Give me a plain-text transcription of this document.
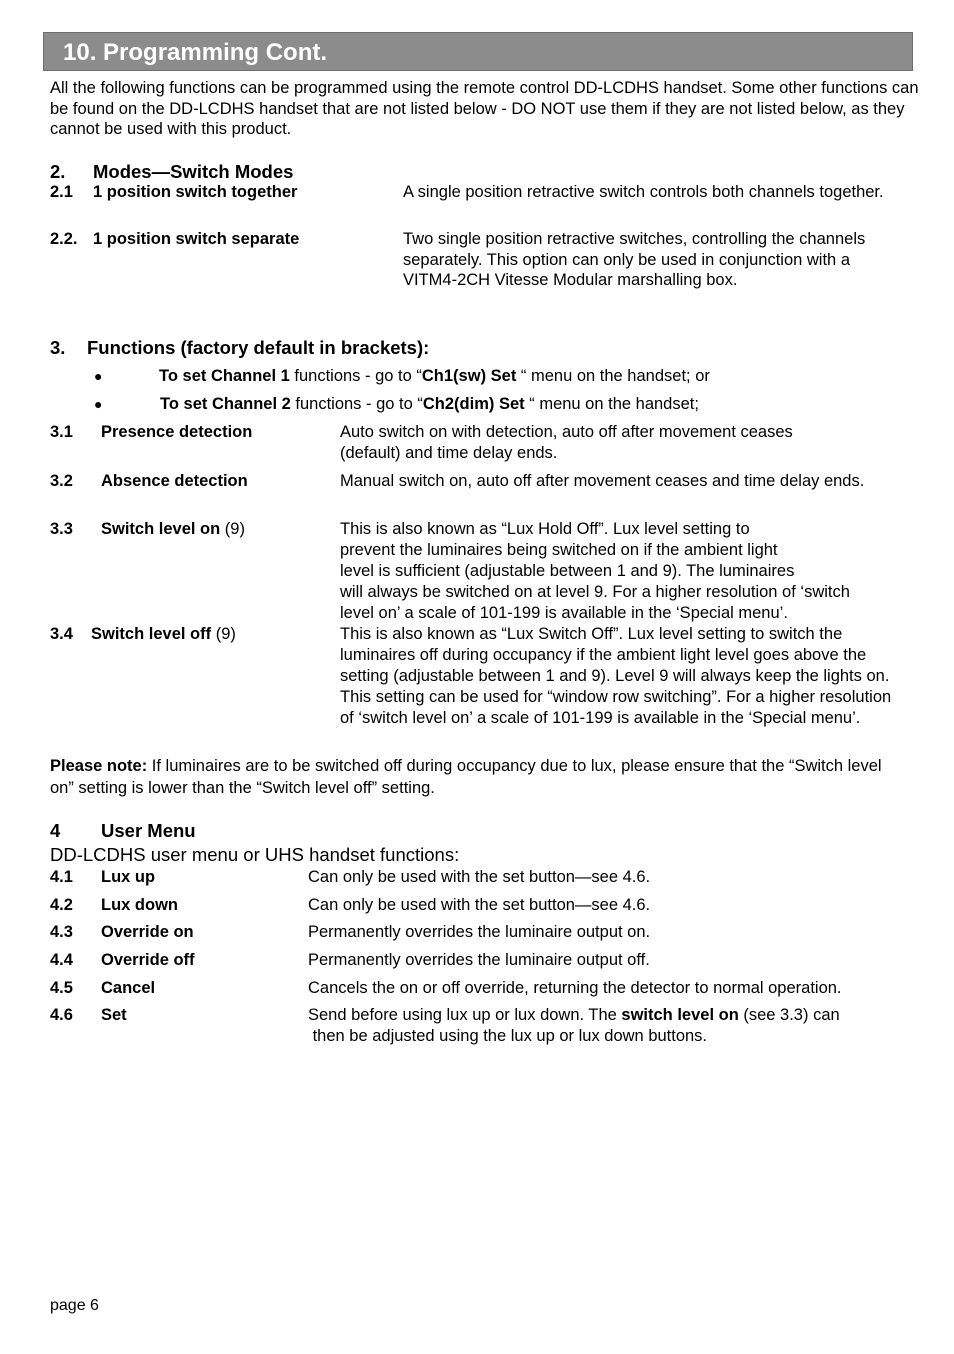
10. Programming Cont.
All the following functions can be programmed using the remote control DD-LCDHS handset. Some other functions can be found on the DD-LCDHS handset that are not listed below - DO NOT use them if they are not listed below, as they cannot be used with this product.
2. Modes—Switch Modes
2.1 1 position switch together	A single position retractive switch controls both channels together.
2.2. 1 position switch separate	Two single position retractive switches, controlling the channels separately. This option can only be used in conjunction with a VITM4-2CH Vitesse Modular marshalling box.
3. Functions (factory default in brackets):
●	To set Channel 1 functions - go to “Ch1(sw) Set “ menu on the handset; or
●	To set Channel 2 functions - go to “Ch2(dim) Set “ menu on the handset;
3.1 Presence detection	Auto switch on with detection, auto off after movement ceases (default) and time delay ends.
3.2 Absence detection	Manual switch on, auto off after movement ceases and time delay ends.
3.3 Switch level on (9)	This is also known as “Lux Hold Off”. Lux level setting to
prevent the luminaires being switched on if the ambient light
level is sufficient (adjustable between 1 and 9). The luminaires
will always be switched on at level 9. For a higher resolution of ‘switch
level on’ a scale of 101-199 is available in the ‘Special menu’.
3.4 Switch level off (9)	This is also known as “Lux Switch Off”. Lux level setting to switch the luminaires off during occupancy if the ambient light level goes above the setting (adjustable between 1 and 9). Level 9 will always keep the lights on. This setting can be used for “window row switching”. For a higher resolution of ‘switch level on’ a scale of 101-199 is available in the ‘Special menu’.
Please note: If luminaires are to be switched off during occupancy due to lux, please ensure that the “Switch level on” setting is lower than the “Switch level off” setting.
4 User Menu
DD-LCDHS user menu or UHS handset functions:
4.1 Lux up	Can only be used with the set button—see 4.6.
4.2 Lux down	Can only be used with the set button—see 4.6.
4.3 Override on	Permanently overrides the luminaire output on.
4.4 Override off	Permanently overrides the luminaire output off.
4.5 Cancel	Cancels the on or off override, returning the detector to normal operation.
4.6 Set	Send before using lux up or lux down. The switch level on (see 3.3) can
then be adjusted using the lux up or lux down buttons.
page 6
